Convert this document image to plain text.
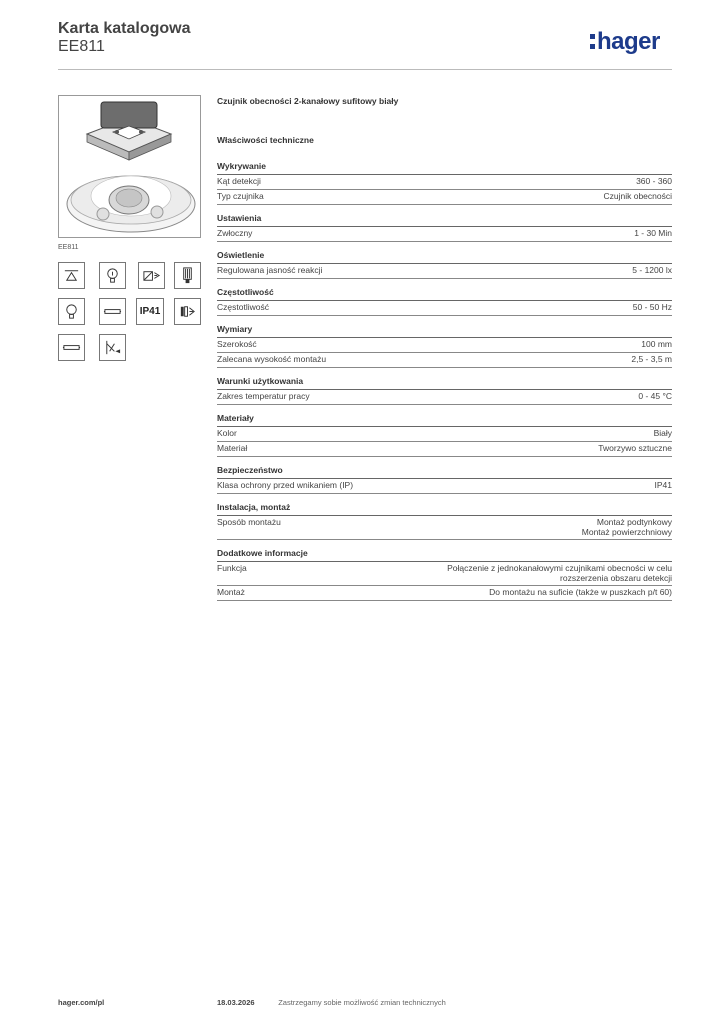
Karta katalogowa
EE811	hager
EE811
IP41
Czujnik obecności 2-kanałowy sufitowy biały
Właściwości techniczne
Wykrywanie
Kąt detekcji	360 - 360
Typ czujnika	Czujnik obecności
Ustawienia
Zwłoczny	1 - 30 Min
Oświetlenie
Regulowana jasność reakcji	5 - 1200 lx
Częstotliwość
Częstotliwość	50 - 50 Hz
Wymiary
Szerokość	100 mm
Zalecana wysokość montażu	2,5 - 3,5 m
Warunki użytkowania
Zakres temperatur pracy	0 - 45 °C
Materiały
Kolor	Biały
Materiał	Tworzywo sztuczne
Bezpieczeństwo
Klasa ochrony przed wnikaniem (IP)	IP41
Instalacja, montaż
Sposób montażu	Montaż podtynkowy
Montaż powierzchniowy
Dodatkowe informacje
Funkcja	Połączenie z jednokanałowymi czujnikami obecności w celu
rozszerzenia obszaru detekcji
Montaż	Do montażu na suficie (także w puszkach p/t 60)
hager.com/pl	Zastrzegamy sobie możliwość zmian technicznych
18.03.2026
